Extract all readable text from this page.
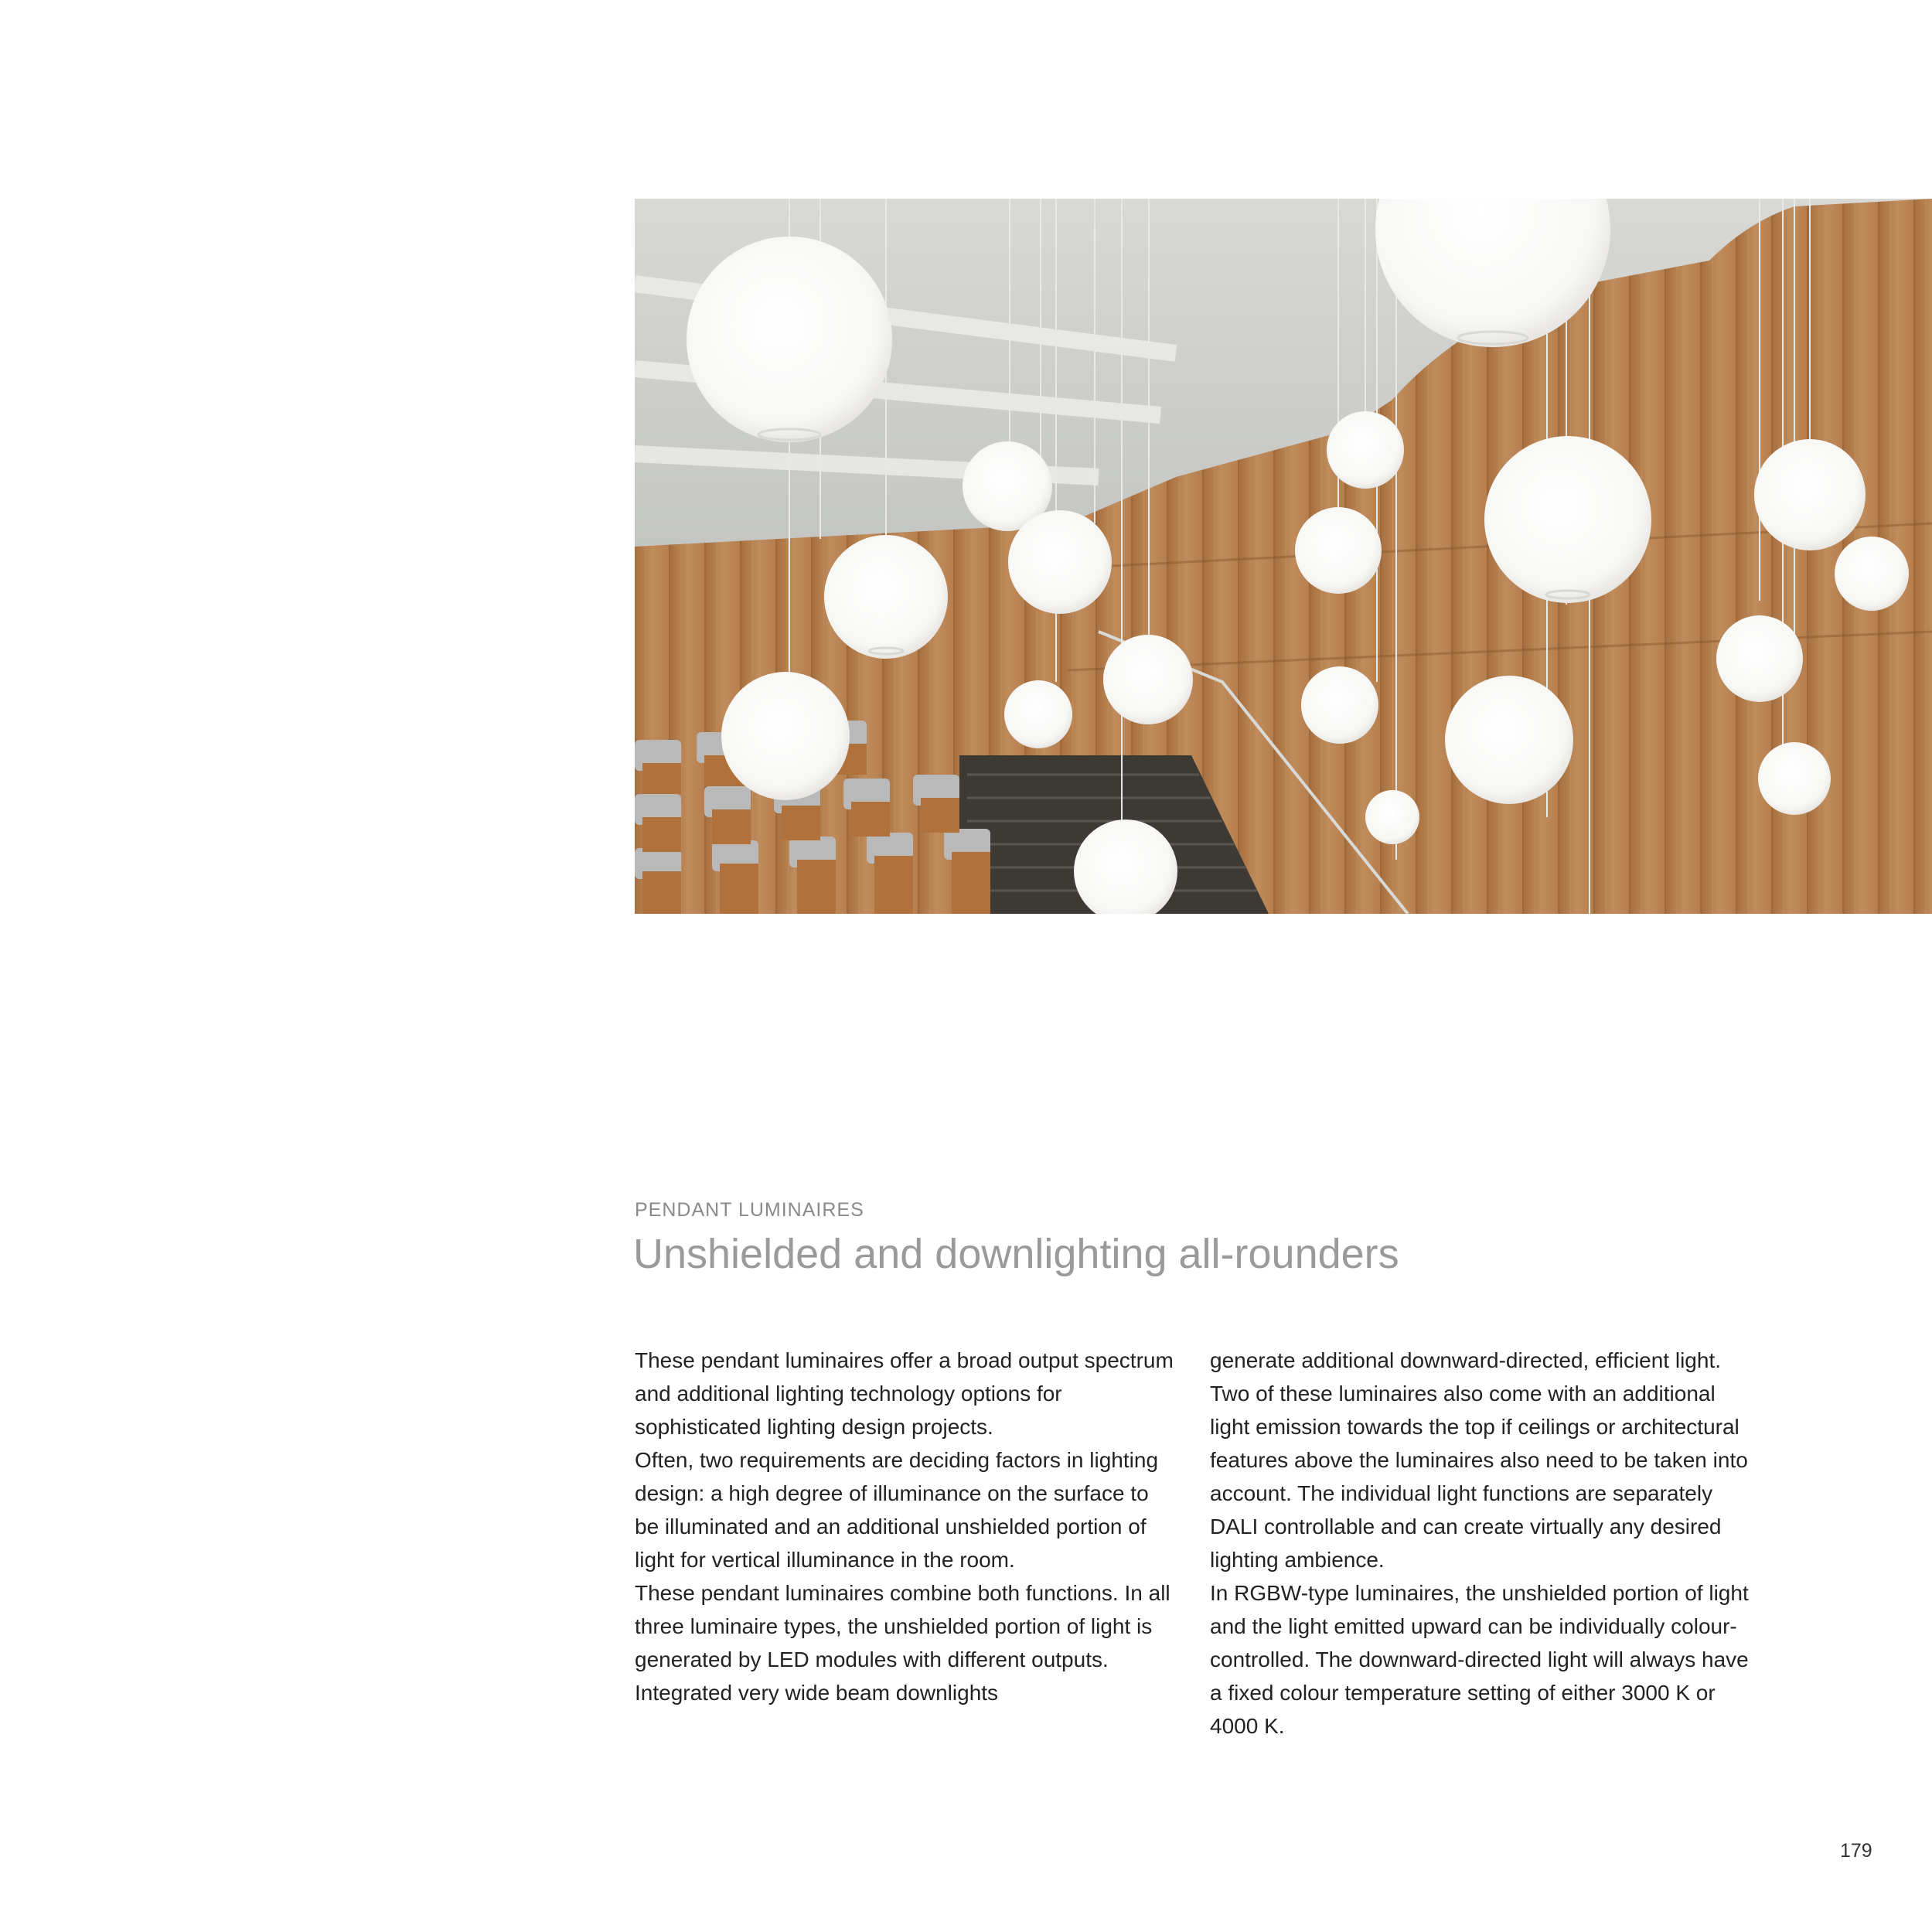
PENDANT LUMINAIRES
Unshielded and downlighting all-rounders

These pendant luminaires offer a broad output spectrum and additional lighting technology options for sophisticated lighting design projects.

Often, two requirements are deciding factors in lighting design: a high degree of illuminance on the surface to be illuminated and an additional unshielded portion of light for vertical illuminance in the room.

These pendant luminaires combine both functions. In all three luminaire types, the unshielded portion of light is generated by LED modules with different outputs. Integrated very wide beam downlights

generate additional downward-directed, efficient light. Two of these luminaires also come with an additional light emission towards the top if ceilings or architectural features above the luminaires also need to be taken into account. The individual light functions are separately DALI controllable and can create virtually any desired lighting ambience.

In RGBW-type luminaires, the unshielded portion of light and the light emitted upward can be individually colour-controlled. The downward-directed light will always have a fixed colour temperature setting of either 3000 K or 4000 K.

179
